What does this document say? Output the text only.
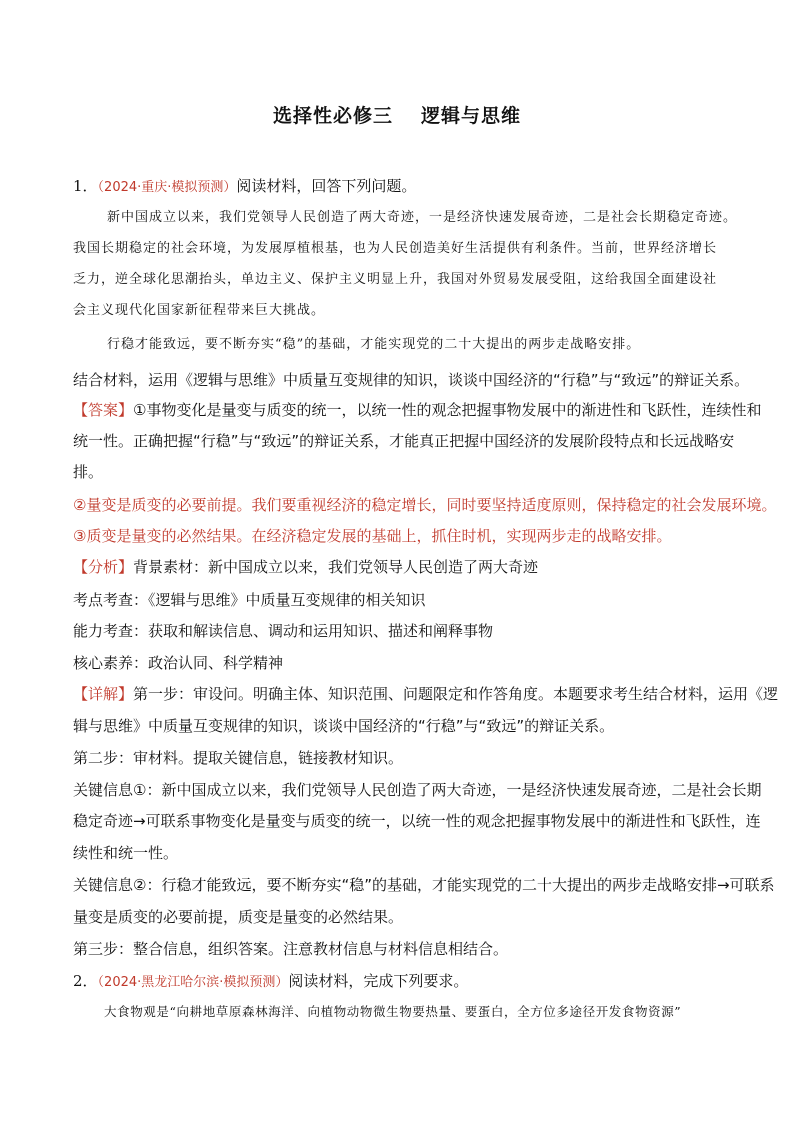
选择性必修三 逻辑与思维
1．（2024·重庆·模拟预测）阅读材料，回答下列问题。
新中国成立以来，我们党领导人民创造了两大奇迹，一是经济快速发展奇迹，二是社会长期稳定奇迹。
我国长期稳定的社会环境，为发展厚植根基，也为人民创造美好生活提供有利条件。当前，世界经济增长
乏力，逆全球化思潮抬头，单边主义、保护主义明显上升，我国对外贸易发展受阻，这给我国全面建设社
会主义现代化国家新征程带来巨大挑战。
行稳才能致远，要不断夯实“稳”的基础，才能实现党的二十大提出的两步走战略安排。
结合材料，运用《逻辑与思维》中质量互变规律的知识，谈谈中国经济的“行稳”与“致远”的辩证关系。
【答案】①事物变化是量变与质变的统一，以统一性的观念把握事物发展中的渐进性和飞跃性，连续性和
统一性。正确把握“行稳”与“致远”的辩证关系，才能真正把握中国经济的发展阶段特点和长远战略安
排。
②量变是质变的必要前提。我们要重视经济的稳定增长，同时要坚持适度原则，保持稳定的社会发展环境。
③质变是量变的必然结果。在经济稳定发展的基础上，抓住时机，实现两步走的战略安排。
【分析】背景素材：新中国成立以来，我们党领导人民创造了两大奇迹
考点考查：《逻辑与思维》中质量互变规律的相关知识
能力考查：获取和解读信息、调动和运用知识、描述和阐释事物
核心素养：政治认同、科学精神
【详解】第一步：审设问。明确主体、知识范围、问题限定和作答角度。本题要求考生结合材料，运用《逻
辑与思维》中质量互变规律的知识，谈谈中国经济的“行稳”与“致远”的辩证关系。
第二步：审材料。提取关键信息，链接教材知识。
关键信息①：新中国成立以来，我们党领导人民创造了两大奇迹，一是经济快速发展奇迹，二是社会长期
稳定奇迹→可联系事物变化是量变与质变的统一，以统一性的观念把握事物发展中的渐进性和飞跃性，连
续性和统一性。
关键信息②：行稳才能致远，要不断夯实“稳”的基础，才能实现党的二十大提出的两步走战略安排→可联系
量变是质变的必要前提，质变是量变的必然结果。
第三步：整合信息，组织答案。注意教材信息与材料信息相结合。
2．（2024·黑龙江哈尔滨·模拟预测）阅读材料，完成下列要求。
大食物观是“向耕地草原森林海洋、向植物动物微生物要热量、要蛋白，全方位多途径开发食物资源”
